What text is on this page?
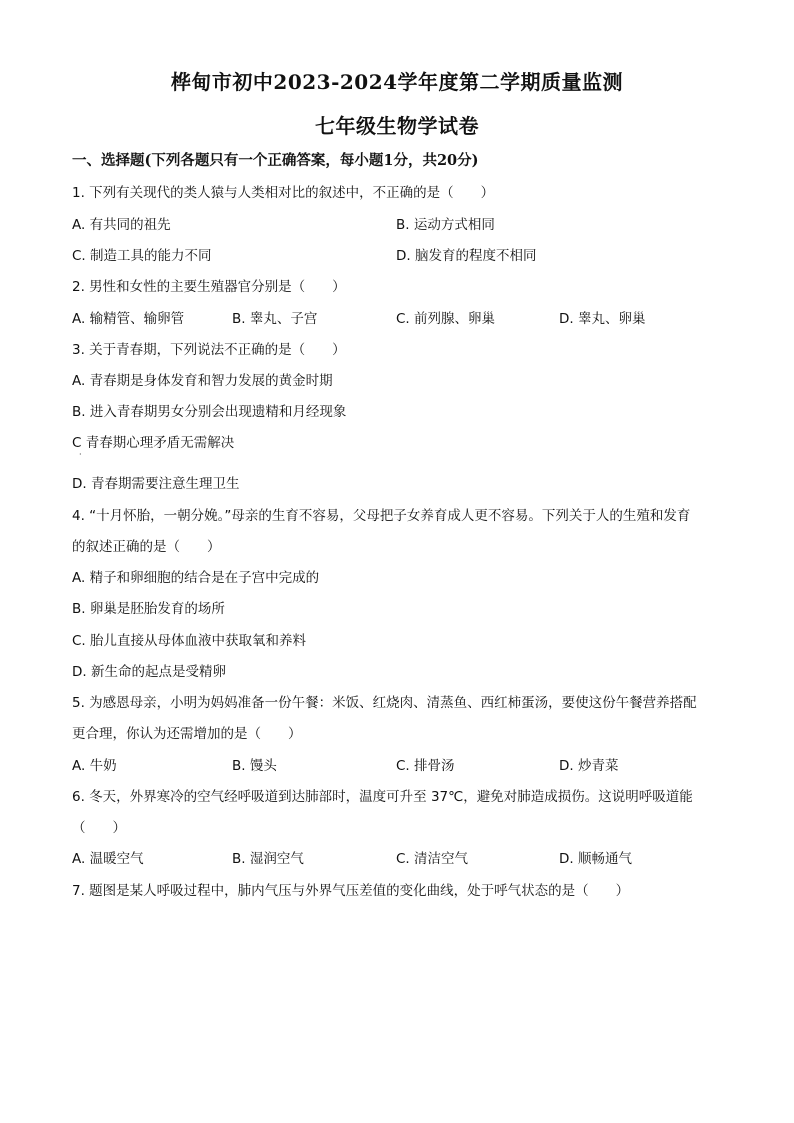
桦甸市初中2023-2024学年度第二学期质量监测
七年级生物学试卷
一、选择题(下列各题只有一个正确答案，每小题1分，共20分)
1. 下列有关现代的类人猿与人类相对比的叙述中，不正确的是（　　）
A. 有共同的祖先	B. 运动方式相同
C. 制造工具的能力不同	D. 脑发育的程度不相同
2. 男性和女性的主要生殖器官分别是（　　）
A. 输精管、输卵管	B. 睾丸、子宫	C. 前列腺、卵巢	D. 睾丸、卵巢
3. 关于青春期，下列说法不正确的是（　　）
A. 青春期是身体发育和智力发展的黄金时期
B. 进入青春期男女分别会出现遗精和月经现象
C 青春期心理矛盾无需解决
·
D. 青春期需要注意生理卫生
4. “十月怀胎，一朝分娩。”母亲的生育不容易，父母把子女养育成人更不容易。下列关于人的生殖和发育
的叙述正确的是（　　）
A. 精子和卵细胞的结合是在子宫中完成的
B. 卵巢是胚胎发育的场所
C. 胎儿直接从母体血液中获取氧和养料
D. 新生命的起点是受精卵
5. 为感恩母亲，小明为妈妈准备一份午餐：米饭、红烧肉、清蒸鱼、西红柿蛋汤，要使这份午餐营养搭配
更合理，你认为还需增加的是（　　）
A. 牛奶	B. 馒头	C. 排骨汤	D. 炒青菜
6. 冬天，外界寒冷的空气经呼吸道到达肺部时，温度可升至 37℃，避免对肺造成损伤。这说明呼吸道能
（　　）
A. 温暖空气	B. 湿润空气	C. 清洁空气	D. 顺畅通气
7. 题图是某人呼吸过程中，肺内气压与外界气压差值的变化曲线，处于呼气状态的是（　　）
